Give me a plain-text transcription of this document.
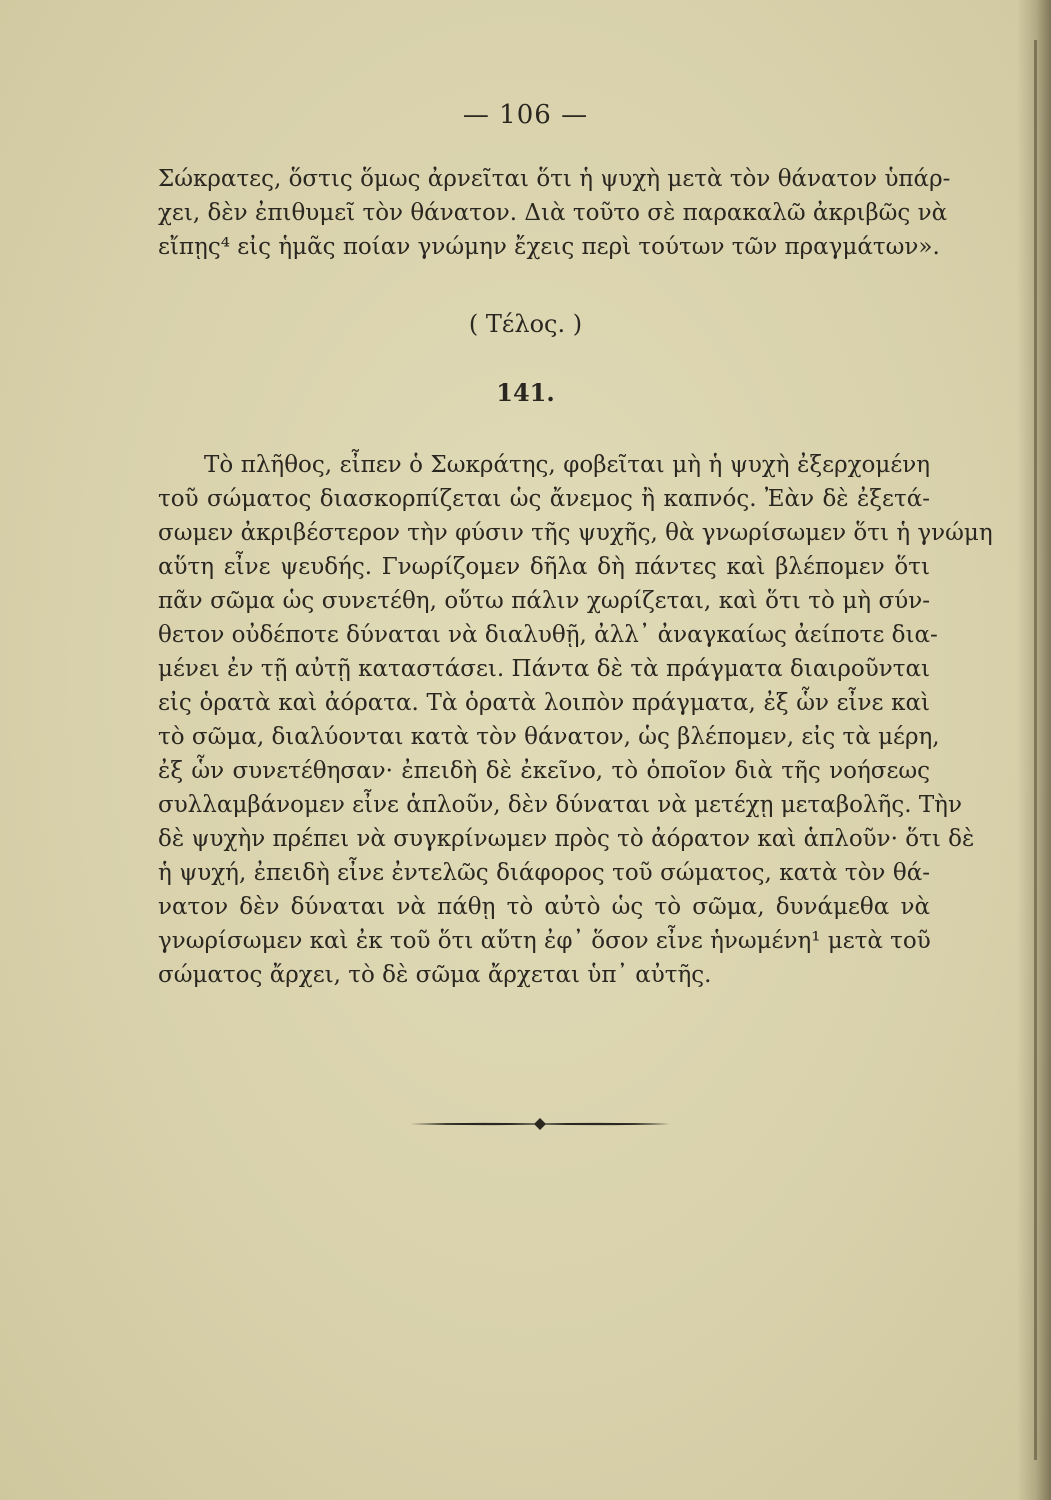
— 106 —

Σώκρατες, ὅστις ὅμως ἀρνεῖται ὅτι ἡ ψυχὴ μετὰ τὸν θάνατον ὑπάρ-
χει, δὲν ἐπιθυμεῖ τὸν θάνατον. Διὰ τοῦτο σὲ παρακαλῶ ἀκριβῶς νὰ
εἴπῃς⁴ εἰς ἡμᾶς ποίαν γνώμην ἔχεις περὶ τούτων τῶν πραγμάτων».

( Τέλος. )
141.

Τὸ πλῆθος, εἶπεν ὁ Σωκράτης, φοβεῖται μὴ ἡ ψυχὴ ἐξερχομένη
τοῦ σώματος διασκορπίζεται ὡς ἄνεμος ἢ καπνός. Ἐὰν δὲ ἐξετά-
σωμεν ἀκριβέστερον τὴν φύσιν τῆς ψυχῆς, θὰ γνωρίσωμεν ὅτι ἡ γνώμη
αὕτη εἶνε ψευδής. Γνωρίζομεν δῆλα δὴ πάντες καὶ βλέπομεν ὅτι
πᾶν σῶμα ὡς συνετέθη, οὕτω πάλιν χωρίζεται, καὶ ὅτι τὸ μὴ σύν-
θετον οὐδέποτε δύναται νὰ διαλυθῇ, ἀλλ᾽ ἀναγκαίως ἀείποτε δια-
μένει ἐν τῇ αὐτῇ καταστάσει. Πάντα δὲ τὰ πράγματα διαιροῦνται
εἰς ὁρατὰ καὶ ἀόρατα. Τὰ ὁρατὰ λοιπὸν πράγματα, ἐξ ὧν εἶνε καὶ
τὸ σῶμα, διαλύονται κατὰ τὸν θάνατον, ὡς βλέπομεν, εἰς τὰ μέρη,
ἐξ ὧν συνετέθησαν· ἐπειδὴ δὲ ἐκεῖνο, τὸ ὁποῖον διὰ τῆς νοήσεως
συλλαμβάνομεν εἶνε ἁπλοῦν, δὲν δύναται νὰ μετέχῃ μεταβολῆς. Τὴν
δὲ ψυχὴν πρέπει νὰ συγκρίνωμεν πρὸς τὸ ἀόρατον καὶ ἁπλοῦν· ὅτι δὲ
ἡ ψυχή, ἐπειδὴ εἶνε ἐντελῶς διάφορος τοῦ σώματος, κατὰ τὸν θά-
νατον δὲν δύναται νὰ πάθῃ τὸ αὐτὸ ὡς τὸ σῶμα, δυνάμεθα νὰ
γνωρίσωμεν καὶ ἐκ τοῦ ὅτι αὕτη ἐφ᾽ ὅσον εἶνε ἡνωμένη¹ μετὰ τοῦ
σώματος ἄρχει, τὸ δὲ σῶμα ἄρχεται ὑπ᾽ αὐτῆς.
